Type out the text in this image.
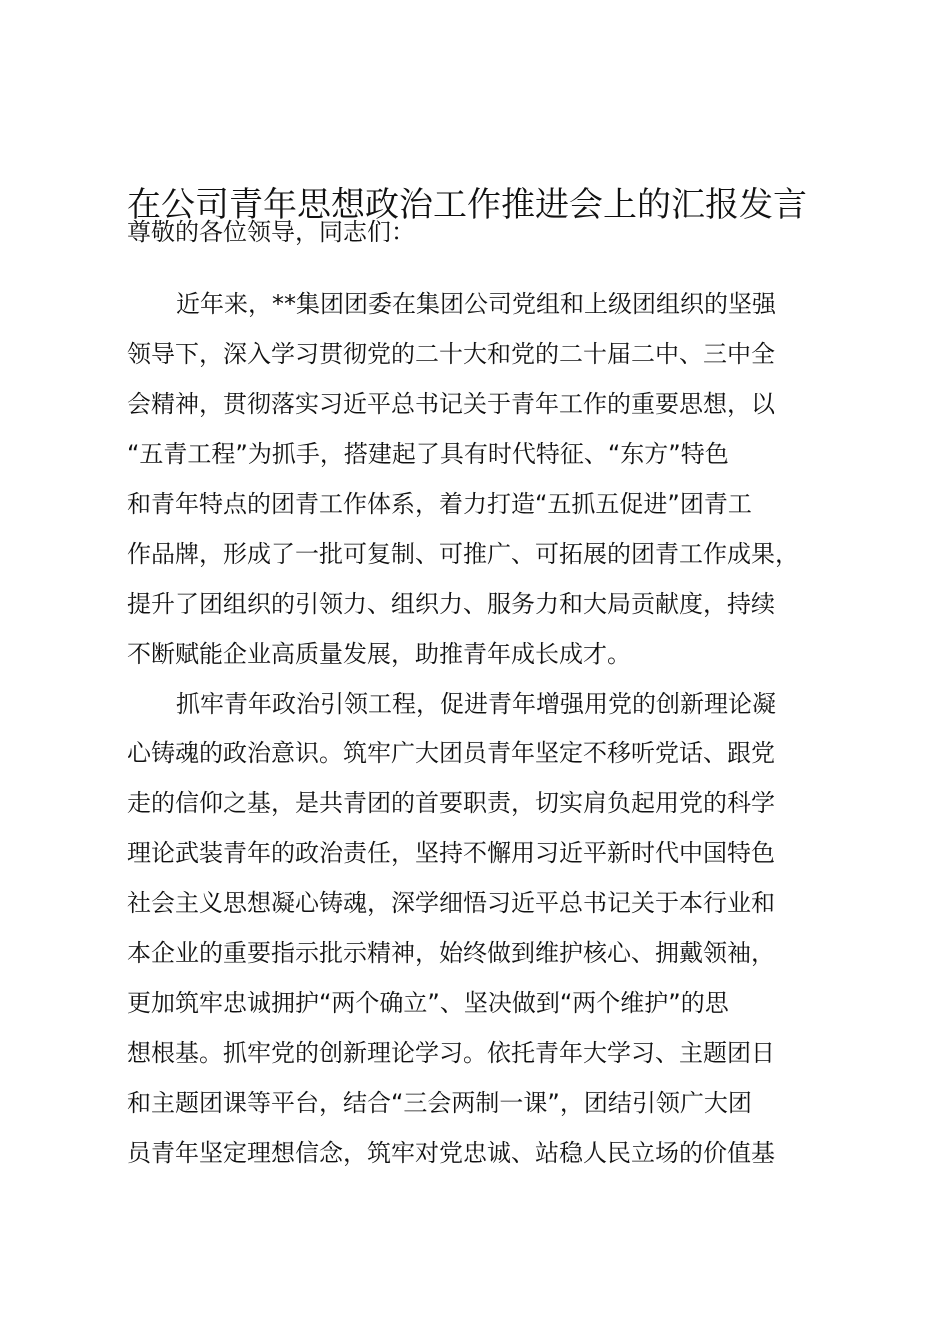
在公司青年思想政治工作推进会上的汇报发言
尊敬的各位领导，同志们：
近年来，**集团团委在集团公司党组和上级团组织的坚强
领导下，深入学习贯彻党的二十大和党的二十届二中、三中全
会精神，贯彻落实习近平总书记关于青年工作的重要思想，以
“五青工程”为抓手，搭建起了具有时代特征、“东方”特色
和青年特点的团青工作体系，着力打造“五抓五促进”团青工
作品牌，形成了一批可复制、可推广、可拓展的团青工作成果，
提升了团组织的引领力、组织力、服务力和大局贡献度，持续
不断赋能企业高质量发展，助推青年成长成才。
抓牢青年政治引领工程，促进青年增强用党的创新理论凝
心铸魂的政治意识。筑牢广大团员青年坚定不移听党话、跟党
走的信仰之基，是共青团的首要职责，切实肩负起用党的科学
理论武装青年的政治责任，坚持不懈用习近平新时代中国特色
社会主义思想凝心铸魂，深学细悟习近平总书记关于本行业和
本企业的重要指示批示精神，始终做到维护核心、拥戴领袖，
更加筑牢忠诚拥护“两个确立”、坚决做到“两个维护”的思
想根基。抓牢党的创新理论学习。依托青年大学习、主题团日
和主题团课等平台，结合“三会两制一课”，团结引领广大团
员青年坚定理想信念，筑牢对党忠诚、站稳人民立场的价值基
